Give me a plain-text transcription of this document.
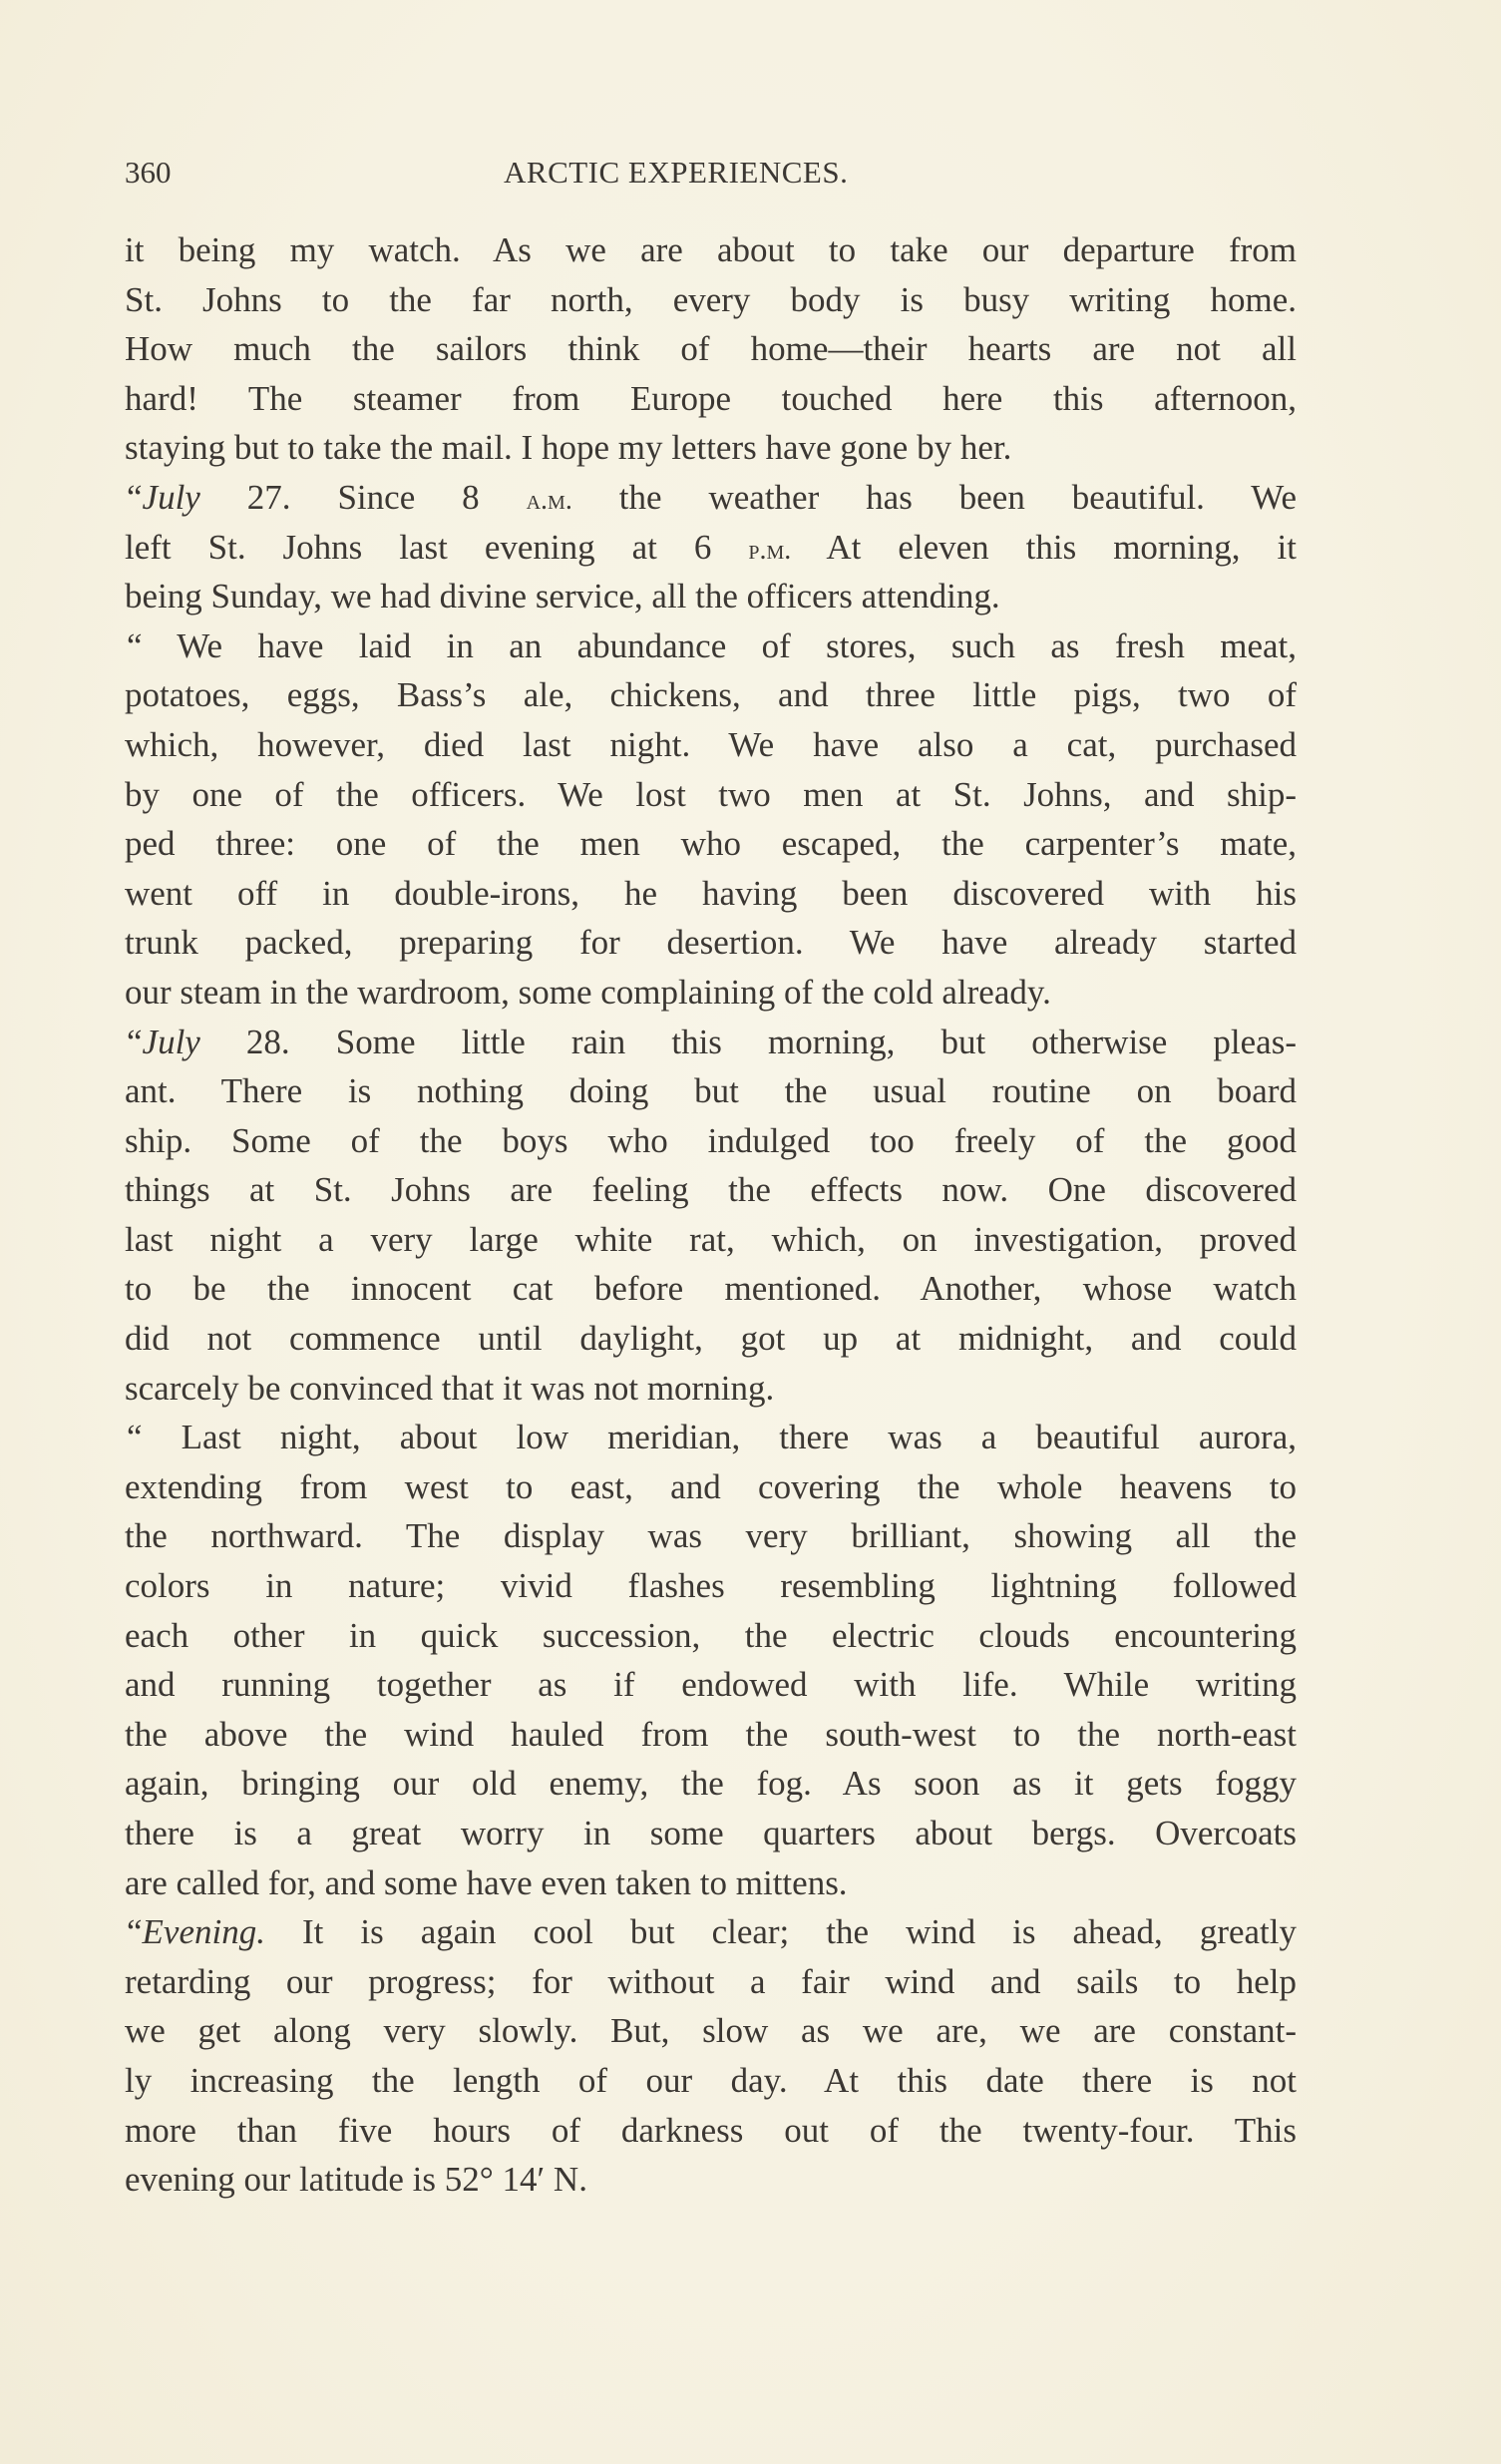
360	ARCTIC EXPERIENCES.
it being my watch. As we are about to take our departure from
St. Johns to the far north, every body is busy writing home.
How much the sailors think of home—their hearts are not all
hard! The steamer from Europe touched here this afternoon,
staying but to take the mail. I hope my letters have gone by her.
“July 27. Since 8 a.m. the weather has been beautiful. We
left St. Johns last evening at 6 p.m. At eleven this morning, it
being Sunday, we had divine service, all the officers attending.
“ We have laid in an abundance of stores, such as fresh meat,
potatoes, eggs, Bass’s ale, chickens, and three little pigs, two of
which, however, died last night. We have also a cat, purchased
by one of the officers. We lost two men at St. Johns, and ship-
ped three: one of the men who escaped, the carpenter’s mate,
went off in double-irons, he having been discovered with his
trunk packed, preparing for desertion. We have already started
our steam in the wardroom, some complaining of the cold already.
“July 28. Some little rain this morning, but otherwise pleas-
ant. There is nothing doing but the usual routine on board
ship. Some of the boys who indulged too freely of the good
things at St. Johns are feeling the effects now. One discovered
last night a very large white rat, which, on investigation, proved
to be the innocent cat before mentioned. Another, whose watch
did not commence until daylight, got up at midnight, and could
scarcely be convinced that it was not morning.
“ Last night, about low meridian, there was a beautiful aurora,
extending from west to east, and covering the whole heavens to
the northward. The display was very brilliant, showing all the
colors in nature; vivid flashes resembling lightning followed
each other in quick succession, the electric clouds encountering
and running together as if endowed with life. While writing
the above the wind hauled from the south-west to the north-east
again, bringing our old enemy, the fog. As soon as it gets foggy
there is a great worry in some quarters about bergs. Overcoats
are called for, and some have even taken to mittens.
“Evening. It is again cool but clear; the wind is ahead, greatly
retarding our progress; for without a fair wind and sails to help
we get along very slowly. But, slow as we are, we are constant-
ly increasing the length of our day. At this date there is not
more than five hours of darkness out of the twenty-four. This
evening our latitude is 52° 14′ N.
